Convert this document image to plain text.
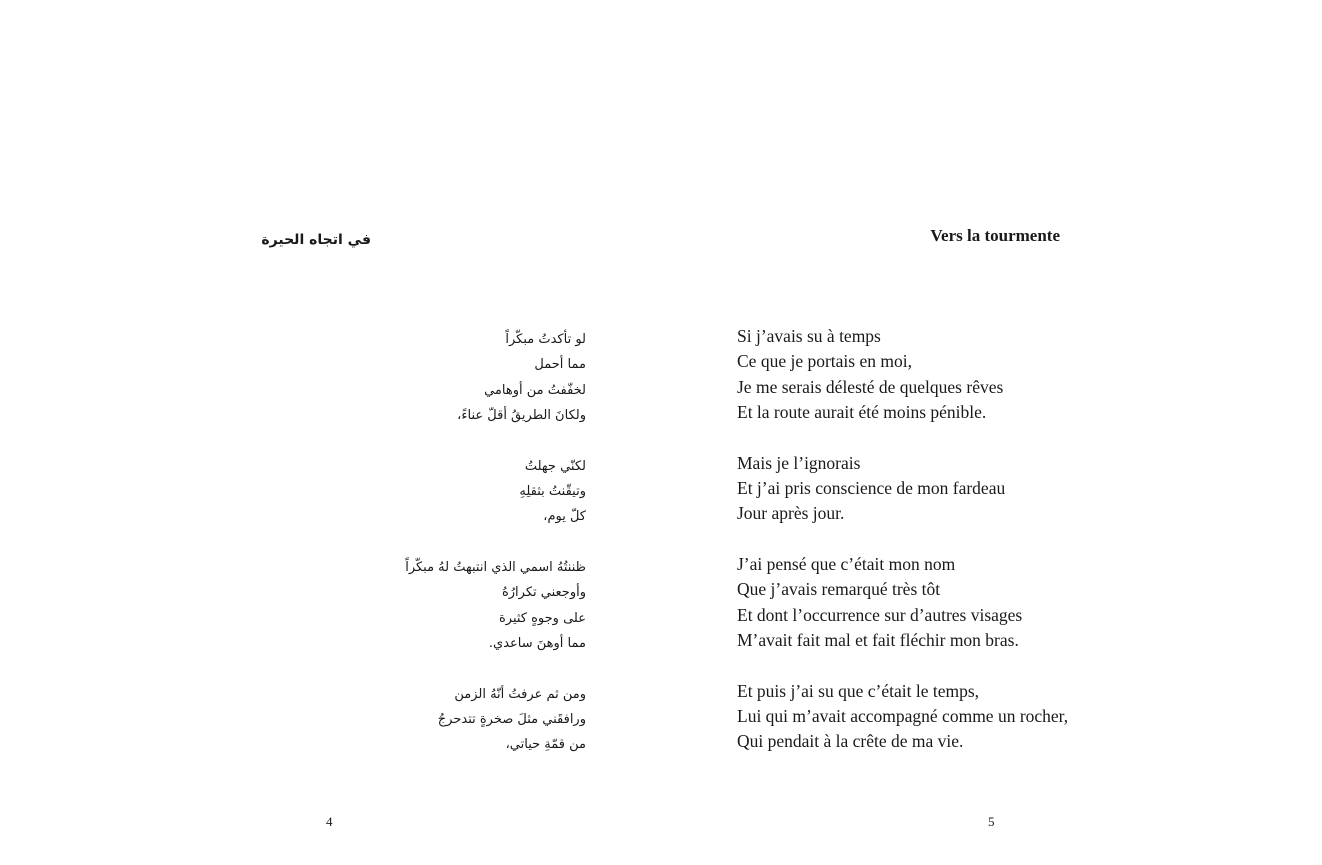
في اتجاه الحيرة
لو تأكدتُ مبكّراً
مما أحمل
لخفّفتُ من أوهامي
ولكانَ الطريقُ أقلّ عناءً،
لكنّي جهلتُ
وتيقّنتُ بثقلِهِ
كلّ يوم،
ظننتُهُ اسمي الذي انتبهتُ لهُ مبكّراً
وأوجعني تكرارُهُ
على وجوهٍ كثيرة
مما أوهنَ ساعدي.
ومن ثم عرفتُ أنّهُ الزمن
ورافقَني مثلَ صخرةٍ تتدحرجُ
من قمّةِ حياتي،
4
Vers la tourmente
Si j’avais su à temps
Ce que je portais en moi,
Je me serais délesté de quelques rêves
Et la route aurait été moins pénible.
Mais je l’ignorais
Et j’ai pris conscience de mon fardeau
Jour après jour.
J’ai pensé que c’était mon nom
Que j’avais remarqué très tôt
Et dont l’occurrence sur d’autres visages
M’avait fait mal et fait fléchir mon bras.
Et puis j’ai su que c’était le temps,
Lui qui m’avait accompagné comme un rocher,
Qui pendait à la crête de ma vie.
5
